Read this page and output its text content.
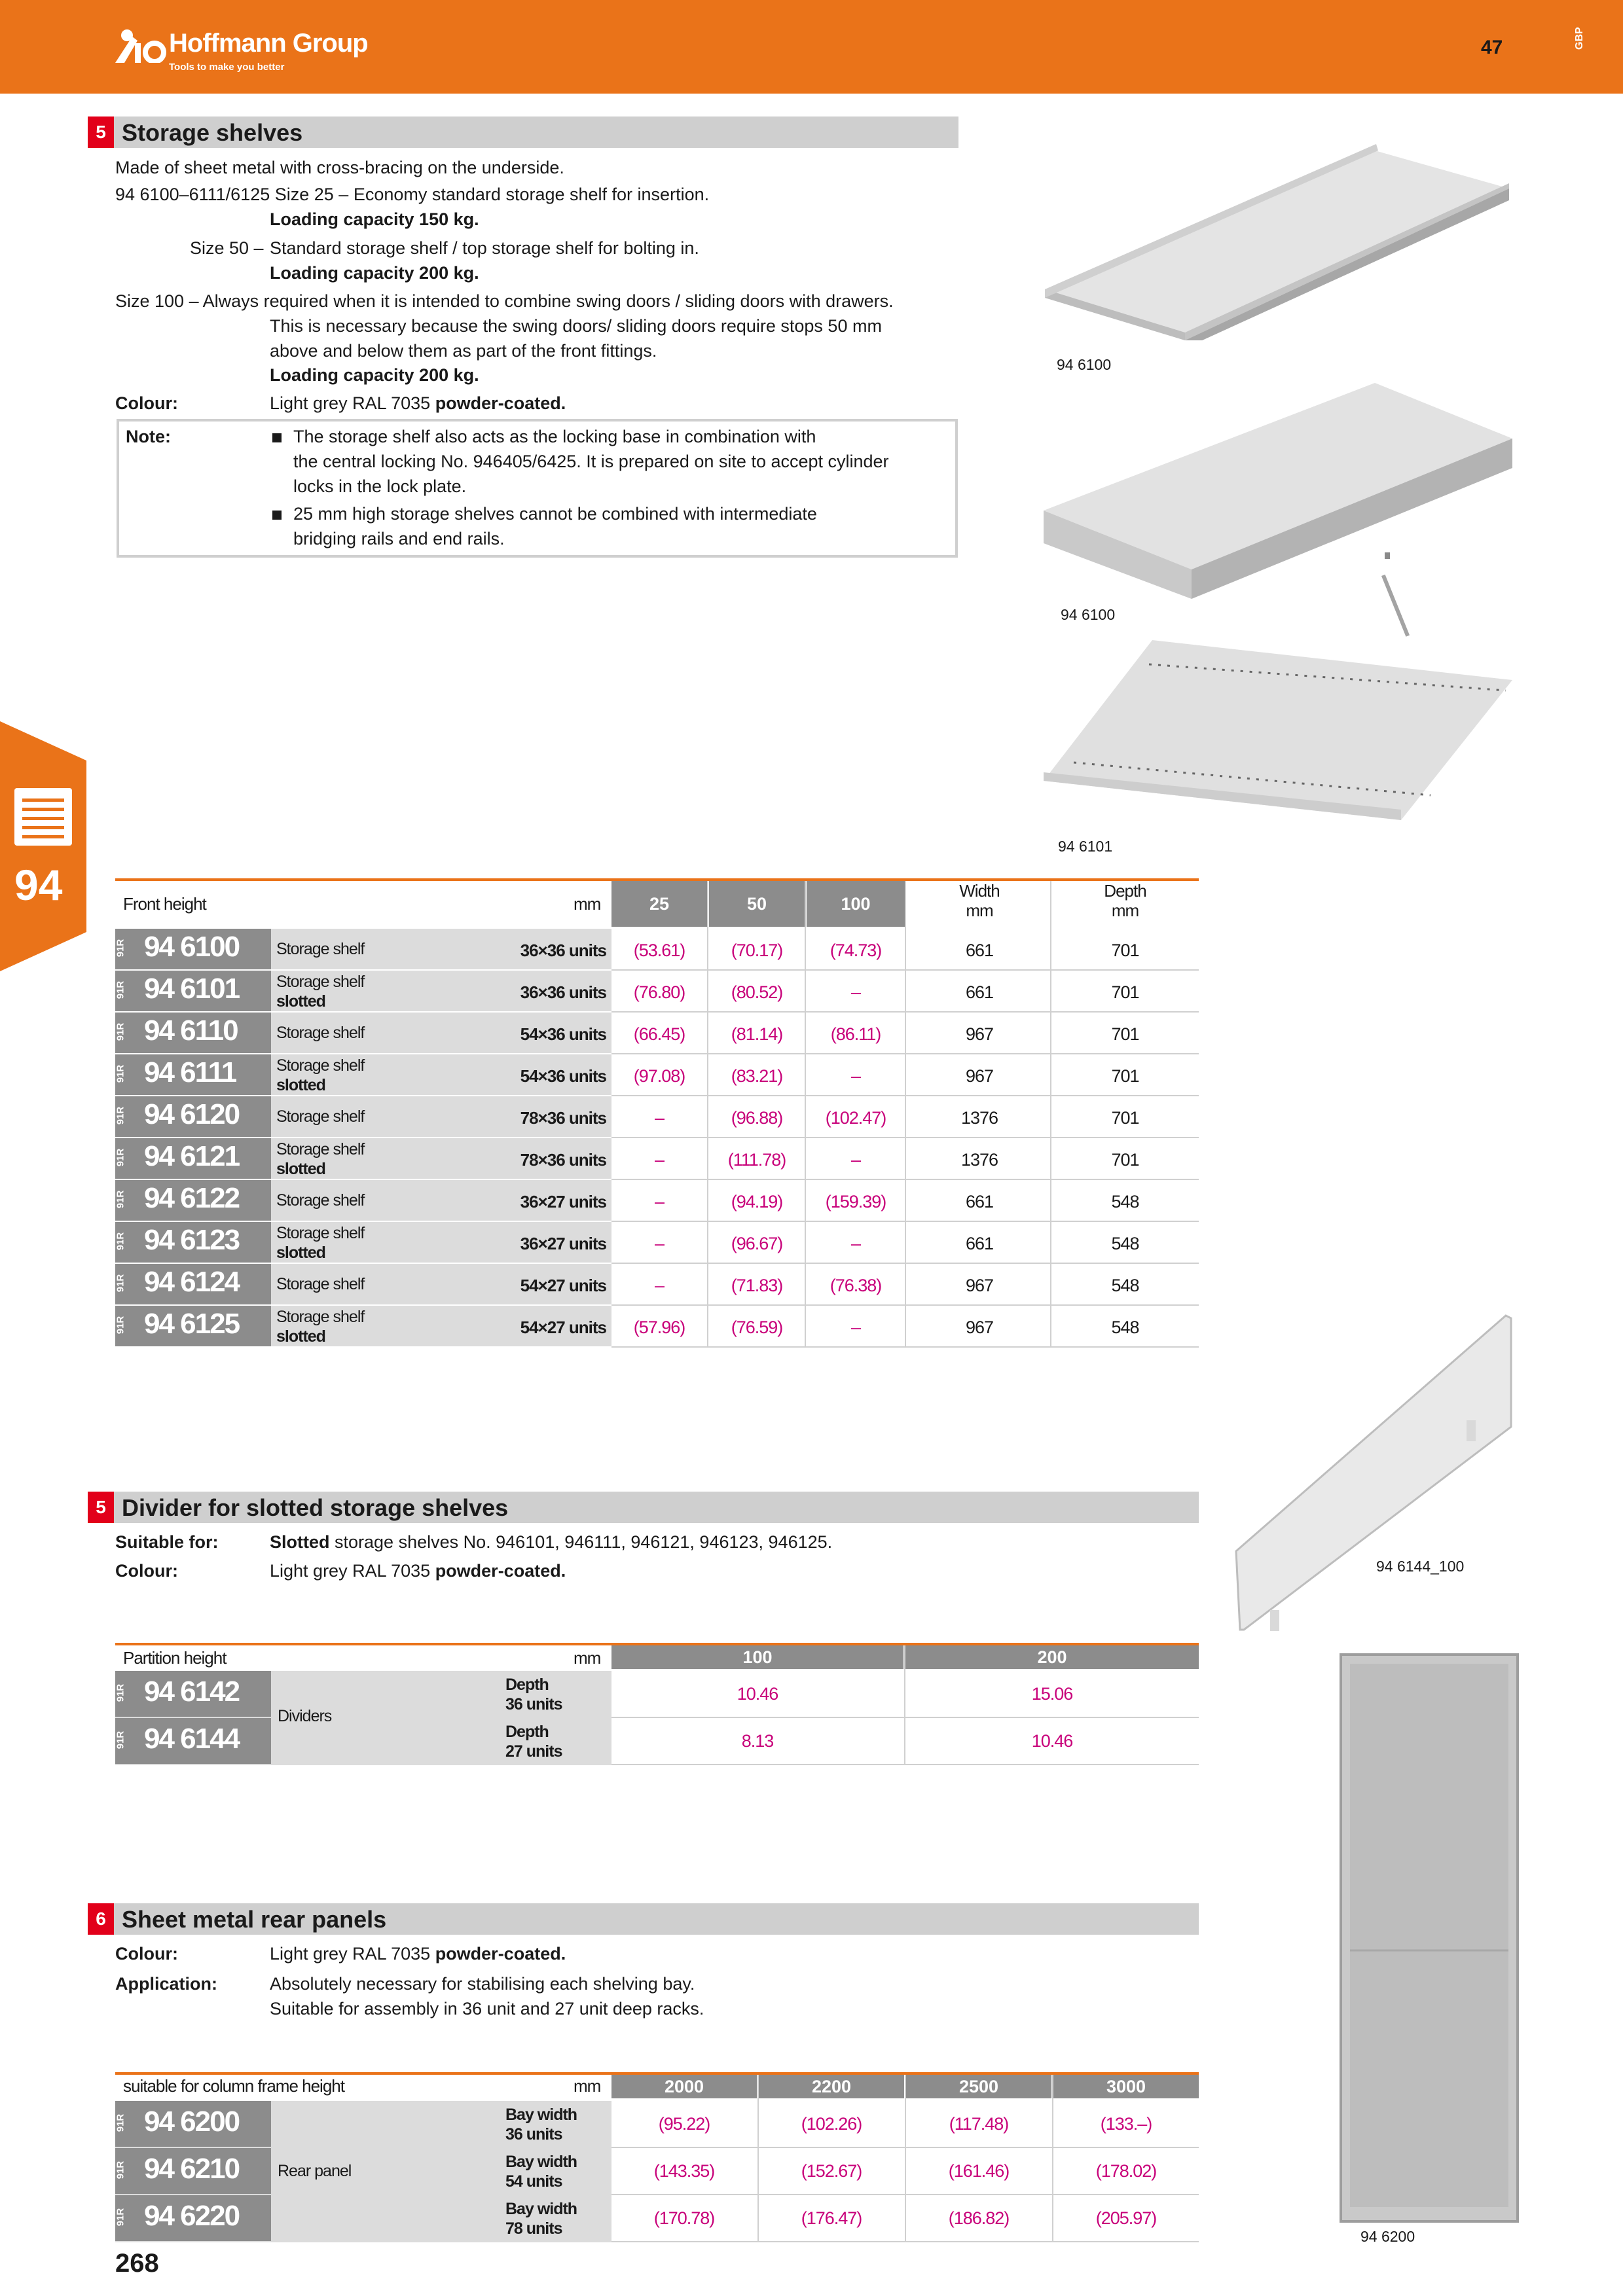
Hoffmann Group
Tools to make you better
47	GBP
94
5 Storage shelves
Made of sheet metal with cross-bracing on the underside.
94 6100–6111/6125 Size 25 – Economy standard storage shelf for insertion.
Loading capacity 150 kg.
Size 50 – Standard storage shelf / top storage shelf for bolting in.
Loading capacity 200 kg.
Size 100 – Always required when it is intended to combine swing doors / sliding doors with drawers.
This is necessary because the swing doors/ sliding doors require stops 50 mm
above and below them as part of the front fittings.
Loading capacity 200 kg.
Colour:	Light grey RAL 7035 powder-coated.
Note:	The storage shelf also acts as the locking base in combination with
the central locking No. 946405/6425. It is prepared on site to accept cylinder
locks in the lock plate.
25 mm high storage shelves cannot be combined with intermediate
bridging rails and end rails.
94 6100
94 6100
94 6101
Front height	mm	25	50	100
Width
mm
Depth
mm
91R 94 6100 Storage shelf	36×36 units	(53.61)	(70.17)	(74.73)	661	701
91R 94 6101 Storage shelf
slotted	36×36 units	(76.80)	(80.52)	–	661	701
91R 94 6110 Storage shelf	54×36 units	(66.45)	(81.14)	(86.11)	967	701
91R 94 6111 Storage shelf
slotted	54×36 units	(97.08)	(83.21)	–	967	701
91R 94 6120 Storage shelf	78×36 units	–	(96.88)	(102.47)	1376	701
91R 94 6121 Storage shelf
slotted	78×36 units	–	(111.78)	–	1376	701
91R 94 6122 Storage shelf	36×27 units	–	(94.19)	(159.39)	661	548
91R 94 6123 Storage shelf
slotted	36×27 units	–	(96.67)	–	661	548
91R 94 6124 Storage shelf	54×27 units	–	(71.83)	(76.38)	967	548
91R 94 6125 Storage shelf
slotted	54×27 units	(57.96)	(76.59)	–	967	548
5 Divider for slotted storage shelves
Suitable for:	Slotted storage shelves No. 946101, 946111, 946121, 946123, 946125.
Colour:	Light grey RAL 7035 powder-coated.	94 6144_100
Partition height	mm	100	200
Dividers
91R 94 6142	Depth
36 units
10.46	15.06
91R 94 6144	Depth
27 units
8.13	10.46
6 Sheet metal rear panels
Colour:	Light grey RAL 7035 powder-coated.
Application:	Absolutely necessary for stabilising each shelving bay.
Suitable for assembly in 36 unit and 27 unit deep racks.
94 6200
suitable for column frame height	mm	2000	2200	2500	3000
Rear panel
91R 94 6200	Bay width
36 units
(95.22)	(102.26)	(117.48)	(133.–)
91R 94 6210	Bay width
54 units
(143.35)	(152.67)	(161.46)	(178.02)
91R 94 6220	Bay width
78 units
(170.78)	(176.47)	(186.82)	(205.97)
268
